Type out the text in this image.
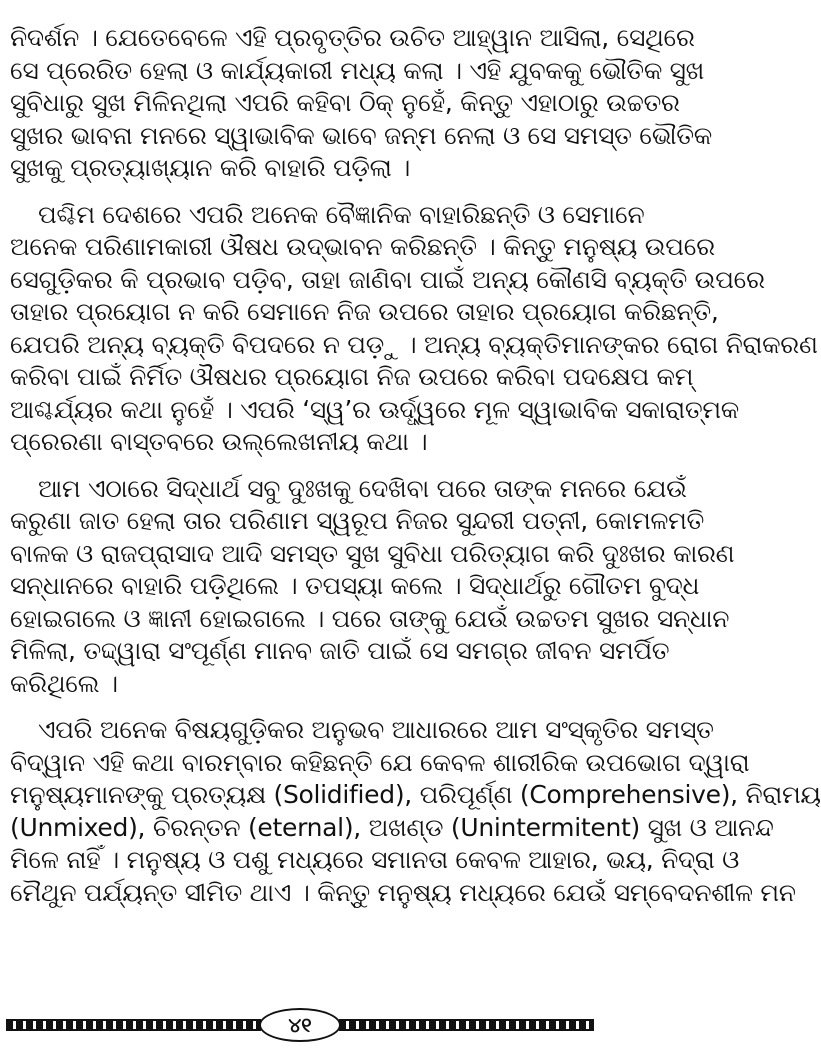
ନିଦର୍ଶନ । ଯେତେବେଳେ ଏହି ପ୍ରବୃତ୍ତିର ଉଚିତ ଆହ୍ୱାନ ଆସିଲା, ସେଥିରେ
ସେ ପ୍ରେରିତ ହେଲା ଓ କାର୍ଯ୍ୟକାରୀ ମଧ୍ୟ କଲା । ଏହି ଯୁବକକୁ ଭୌତିକ ସୁଖ
ସୁବିଧାରୁ ସୁଖ ମିଳିନଥିଲା ଏପରି କହିବା ଠିକ୍ ନୁହେଁ, କିନ୍ତୁ ଏହାଠାରୁ ଉଚ୍ଚତର
ସୁଖର ଭାବନା ମନରେ ସ୍ୱାଭାବିକ ଭାବେ ଜନ୍ମ ନେଲା ଓ ସେ ସମସ୍ତ ଭୌତିକ
ସୁଖକୁ ପ୍ରତ୍ୟାଖ୍ୟାନ କରି ବାହାରି ପଡ଼ିଲା ।
ପଶ୍ଚିମ ଦେଶରେ ଏପରି ଅନେକ ବୈଜ୍ଞାନିକ ବାହାରିଛନ୍ତି ଓ ସେମାନେ
ଅନେକ ପରିଣାମକାରୀ ଔଷଧ ଉଦ୍ଭାବନ କରିଛନ୍ତି । କିନ୍ତୁ ମନୁଷ୍ୟ ଉପରେ
ସେଗୁଡ଼ିକର କି ପ୍ରଭାବ ପଡ଼ିବ, ତାହା ଜାଣିବା ପାଇଁ ଅନ୍ୟ କୌଣସି ବ୍ୟକ୍ତି ଉପରେ
ତାହାର ପ୍ରୟୋଗ ନ କରି ସେମାନେ ନିଜ ଉପରେ ତାହାର ପ୍ରୟୋଗ କରିଛନ୍ତି,
ଯେପରି ଅନ୍ୟ ବ୍ୟକ୍ତି ବିପଦରେ ନ ପଡ଼ୁ । ଅନ୍ୟ ବ୍ୟକ୍ତିମାନଙ୍କର ରୋଗ ନିରାକରଣ
କରିବା ପାଇଁ ନିର୍ମିତ ଔଷଧର ପ୍ରୟୋଗ ନିଜ ଉପରେ କରିବା ପଦକ୍ଷେପ କମ୍
ଆଶ୍ଚର୍ଯ୍ୟର କଥା ନୁହେଁ । ଏପରି ‘ସ୍ୱ’ର ଊର୍ଦ୍ଧ୍ୱରେ ମୂଳ ସ୍ୱାଭାବିକ ସକାରାତ୍ମକ
ପ୍ରେରଣା ବାସ୍ତବରେ ଉଲ୍ଲେଖନୀୟ କଥା ।
ଆମ ଏଠାରେ ସିଦ୍ଧାର୍ଥ ସବୁ ଦୁଃଖକୁ ଦେଖିବା ପରେ ତାଙ୍କ ମନରେ ଯେଉଁ
କରୁଣା ଜାତ ହେଲା ତାର ପରିଣାମ ସ୍ୱରୂପ ନିଜର ସୁନ୍ଦରୀ ପତ୍ନୀ, କୋମଳମତି
ବାଳକ ଓ ରାଜପ୍ରାସାଦ ଆଦି ସମସ୍ତ ସୁଖ ସୁବିଧା ପରିତ୍ୟାଗ କରି ଦୁଃଖର କାରଣ
ସନ୍ଧାନରେ ବାହାରି ପଡ଼ିଥିଲେ । ତପସ୍ୟା କଲେ । ସିଦ୍ଧାର୍ଥରୁ ଗୌତମ ବୁଦ୍ଧ
ହୋଇଗଲେ ଓ ଜ୍ଞାନୀ ହୋଇଗଲେ । ପରେ ତାଙ୍କୁ ଯେଉଁ ଉଚ୍ଚତମ ସୁଖର ସନ୍ଧାନ
ମିଳିଲା, ତଦ୍ଦ୍ୱାରା ସଂପୂର୍ଣ୍ଣ ମାନବ ଜାତି ପାଇଁ ସେ ସମଗ୍ର ଜୀବନ ସମର୍ପିତ
କରିଥିଲେ ।
ଏପରି ଅନେକ ବିଷୟଗୁଡ଼ିକର ଅନୁଭବ ଆଧାରରେ ଆମ ସଂସ୍କୃତିର ସମସ୍ତ
ବିଦ୍ୱାନ ଏହି କଥା ବାରମ୍ବାର କହିଛନ୍ତି ଯେ କେବଳ ଶାରୀରିକ ଉପଭୋଗ ଦ୍ୱାରା
ମନୁଷ୍ୟମାନଙ୍କୁ ପ୍ରତ୍ୟକ୍ଷ (Solidified), ପରିପୂର୍ଣ୍ଣ (Comprehensive), ନିରାମୟ
(Unmixed), ଚିରନ୍ତନ (eternal), ଅଖଣ୍ଡ (Unintermitent) ସୁଖ ଓ ଆନନ୍ଦ
ମିଳେ ନାହିଁ । ମନୁଷ୍ୟ ଓ ପଶୁ ମଧ୍ୟରେ ସମାନତା କେବଳ ଆହାର, ଭୟ, ନିଦ୍ରା ଓ
ମୈଥୁନ ପର୍ଯ୍ୟନ୍ତ ସୀମିତ ଥାଏ । କିନ୍ତୁ ମନୁଷ୍ୟ ମଧ୍ୟରେ ଯେଉଁ ସମ୍ବେଦନଶୀଳ ମନ
୪୧
